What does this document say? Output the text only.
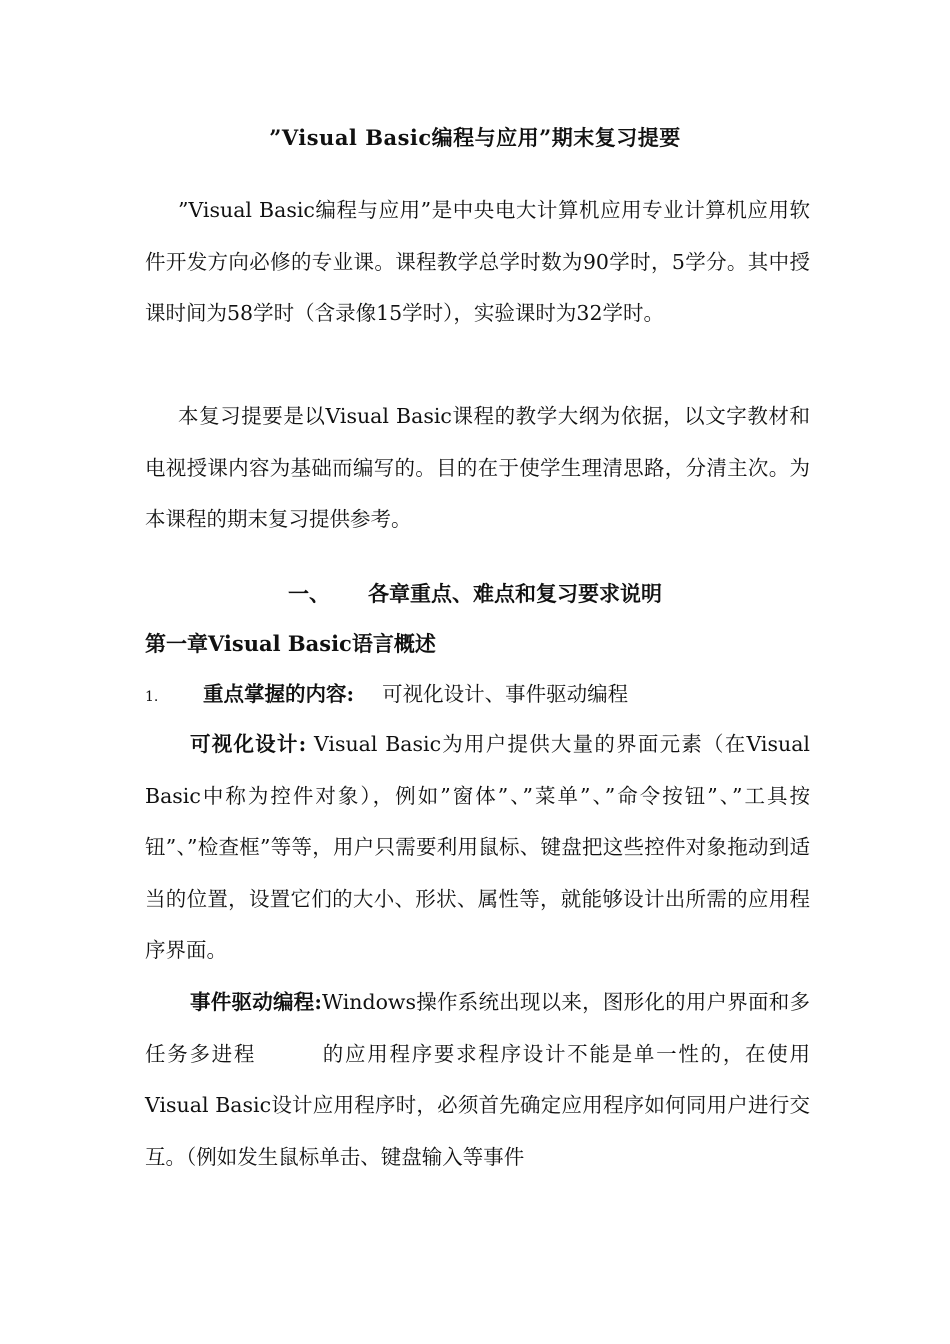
”Visual Basic编程与应用”期末复习提要

”Visual Basic编程与应用”是中央电大计算机应用专业计算机应用软件开发方向必修的专业课。课程教学总学时数为90学时，5学分。其中授课时间为58学时（含录像15学时），实验课时为32学时。

本复习提要是以Visual Basic课程的教学大纲为依据，以文字教材和电视授课内容为基础而编写的。目的在于使学生理清思路，分清主次。为本课程的期末复习提供参考。

一、 各章重点、难点和复习要求说明
第一章Visual Basic语言概述
1. 重点掌握的内容: 可视化设计、事件驱动编程

可视化设计: Visual Basic为用户提供大量的界面元素（在Visual Basic中称为控件对象），例如”窗体”、”菜单”、”命令按钮”、”工具按钮”、”检查框”等等，用户只需要利用鼠标、键盘把这些控件对象拖动到适当的位置，设置它们的大小、形状、属性等，就能够设计出所需的应用程序界面。

事件驱动编程:Windows操作系统出现以来，图形化的用户界面和多任务多进程　　　的应用程序要求程序设计不能是单一性的，在使用Visual Basic设计应用程序时，必须首先确定应用程序如何同用户进行交互。（例如发生鼠标单击、键盘输入等事件
